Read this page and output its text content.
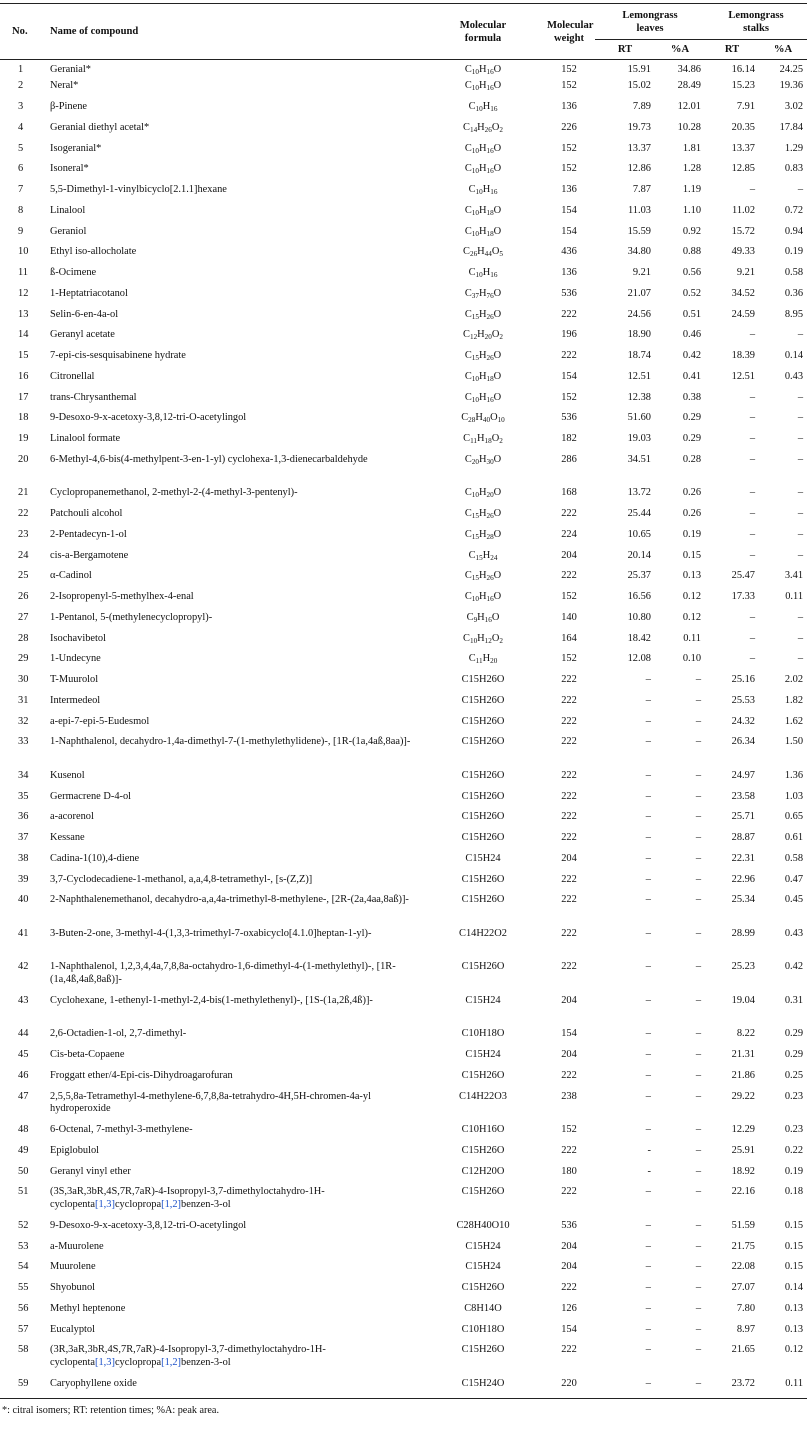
No.	Name of compound	Molecular formula	Molecular weight	Lemongrass leaves		Lemongrass stalks	
				RT	%A	RT	%A
1	Geranial*	$C_{10}H_{16}O$	152	15.91	34.86	16.14	24.25
2	Neral*	$C_{10}H_{16}O$	152	15.02	28.49	15.23	19.36
3	β-Pinene	$C_{10}H_{16}$	136	7.89	12.01	7.91	3.02
4	Geranial diethyl acetal*	$C_{14}H_{26}O_2$	226	19.73	10.28	20.35	17.84
5	Isogeranial*	$C_{10}H_{16}O$	152	13.37	1.81	13.37	1.29
6	Isoneral*	$C_{10}H_{16}O$	152	12.86	1.28	12.85	0.83
7	5,5-Dimethyl-1-vinylbicyclo[2.1.1]hexane	$C_{10}H_{16}$	136	7.87	1.19	–	–
8	Linalool	$C_{10}H_{18}O$	154	11.03	1.10	11.02	0.72
9	Geraniol	$C_{10}H_{18}O$	154	15.59	0.92	15.72	0.94
10	Ethyl iso-allocholate	$C_{26}H_{44}O_5$	436	34.80	0.88	49.33	0.19
11	ß-Ocimene	$C_{10}H_{16}$	136	9.21	0.56	9.21	0.58
12	1-Heptatriacotanol	$C_{37}H_{76}O$	536	21.07	0.52	34.52	0.36
13	Selin-6-en-4a-ol	$C_{15}H_{26}O$	222	24.56	0.51	24.59	8.95
14	Geranyl acetate	$C_{12}H_{20}O_2$	196	18.90	0.46	–	–
15	7-epi-cis-sesquisabinene hydrate	$C_{15}H_{26}O$	222	18.74	0.42	18.39	0.14
16	Citronellal	$C_{10}H_{18}O$	154	12.51	0.41	12.51	0.43
17	trans-Chrysanthemal	$C_{10}H_{16}O$	152	12.38	0.38	–	–
18	9-Desoxo-9-x-acetoxy-3,8,12-tri-O-acetylingol	$C_{28}H_{40}O_{10}$	536	51.60	0.29	–	–
19	Linalool formate	$C_{11}H_{18}O_2$	182	19.03	0.29	–	–
20	6-Methyl-4,6-bis(4-methylpent-3-en-1-yl) cyclohexa-1,3-dienecarbaldehyde	$C_{20}H_{30}O$	286	34.51	0.28	–	–
21	Cyclopropanemethanol, 2-methyl-2-(4-methyl-3-pentenyl)-	$C_{10}H_{20}O$	168	13.72	0.26	–	–
22	Patchouli alcohol	$C_{15}H_{26}O$	222	25.44	0.26	–	–
23	2-Pentadecyn-1-ol	$C_{15}H_{28}O$	224	10.65	0.19	–	–
24	cis-a-Bergamotene	$C_{15}H_{24}$	204	20.14	0.15	–	–
25	α-Cadinol	$C_{15}H_{26}O$	222	25.37	0.13	25.47	3.41
26	2-Isopropenyl-5-methylhex-4-enal	$C_{10}H_{16}O$	152	16.56	0.12	17.33	0.11
27	1-Pentanol, 5-(methylenecyclopropyl)-	$C_9H_{16}O$	140	10.80	0.12	–	–
28	Isochavibetol	$C_{10}H_{12}O_2$	164	18.42	0.11	–	–
29	1-Undecyne	$C_{11}H_{20}$	152	12.08	0.10	–	–
30	T-Muurolol	C15H26O	222	–	–	25.16	2.02
31	Intermedeol	C15H26O	222	–	–	25.53	1.82
32	a-epi-7-epi-5-Eudesmol	C15H26O	222	–	–	24.32	1.62
33	1-Naphthalenol, decahydro-1,4a-dimethyl-7-(1-methylethylidene)-, [1R-(1a,4aß,8aa)]-	C15H26O	222	–	–	26.34	1.50
34	Kusenol	C15H26O	222	–	–	24.97	1.36
35	Germacrene D-4-ol	C15H26O	222	–	–	23.58	1.03
36	a-acorenol	C15H26O	222	–	–	25.71	0.65
37	Kessane	C15H26O	222	–	–	28.87	0.61
38	Cadina-1(10),4-diene	C15H24	204	–	–	22.31	0.58
39	3,7-Cyclodecadiene-1-methanol, a,a,4,8-tetramethyl-, [s-(Z,Z)]	C15H26O	222	–	–	22.96	0.47
40	2-Naphthalenemethanol, decahydro-a,a,4a-trimethyl-8-methylene-, [2R-(2a,4aa,8aß)]-	C15H26O	222	–	–	25.34	0.45
41	3-Buten-2-one, 3-methyl-4-(1,3,3-trimethyl-7-oxabicyclo[4.1.0]heptan-1-yl)-	C14H22O2	222	–	–	28.99	0.43
42	1-Naphthalenol, 1,2,3,4,4a,7,8,8a-octahydro-1,6-dimethyl-4-(1-methylethyl)-, [1R-(1a,4ß,4aß,8aß)]-	C15H26O	222	–	–	25.23	0.42
43	Cyclohexane, 1-ethenyl-1-methyl-2,4-bis(1-methylethenyl)-, [1S-(1a,2ß,4ß)]-	C15H24	204	–	–	19.04	0.31
44	2,6-Octadien-1-ol, 2,7-dimethyl-	C10H18O	154	–	–	8.22	0.29
45	Cis-beta-Copaene	C15H24	204	–	–	21.31	0.29
46	Froggatt ether/4-Epi-cis-Dihydroagarofuran	C15H26O	222	–	–	21.86	0.25
47	2,5,5,8a-Tetramethyl-4-methylene-6,7,8,8a-tetrahydro-4H,5H-chromen-4a-yl hydroperoxide	C14H22O3	238	–	–	29.22	0.23
48	6-Octenal, 7-methyl-3-methylene-	C10H16O	152	–	–	12.29	0.23
49	Epiglobulol	C15H26O	222	-	–	25.91	0.22
50	Geranyl vinyl ether	C12H20O	180	-	–	18.92	0.19
51	(3S,3aR,3bR,4S,7R,7aR)-4-Isopropyl-3,7-dimethyloctahydro-1H-cyclopenta[1,3]cyclopropa[1,2]benzen-3-ol	C15H26O	222	–	–	22.16	0.18
52	9-Desoxo-9-x-acetoxy-3,8,12-tri-O-acetylingol	C28H40O10	536	–	–	51.59	0.15
53	a-Muurolene	C15H24	204	–	–	21.75	0.15
54	Muurolene	C15H24	204	–	–	22.08	0.15
55	Shyobunol	C15H26O	222	–	–	27.07	0.14
56	Methyl heptenone	C8H14O	126	–	–	7.80	0.13
57	Eucalyptol	C10H18O	154	–	–	8.97	0.13
58	(3R,3aR,3bR,4S,7R,7aR)-4-Isopropyl-3,7-dimethyloctahydro-1H-cyclopenta[1,3]cyclopropa[1,2]benzen-3-ol	C15H26O	222	–	–	21.65	0.12
59	Caryophyllene oxide	C15H24O	220	–	–	23.72	0.11
*: citral isomers; RT: retention times; %A: peak area.
